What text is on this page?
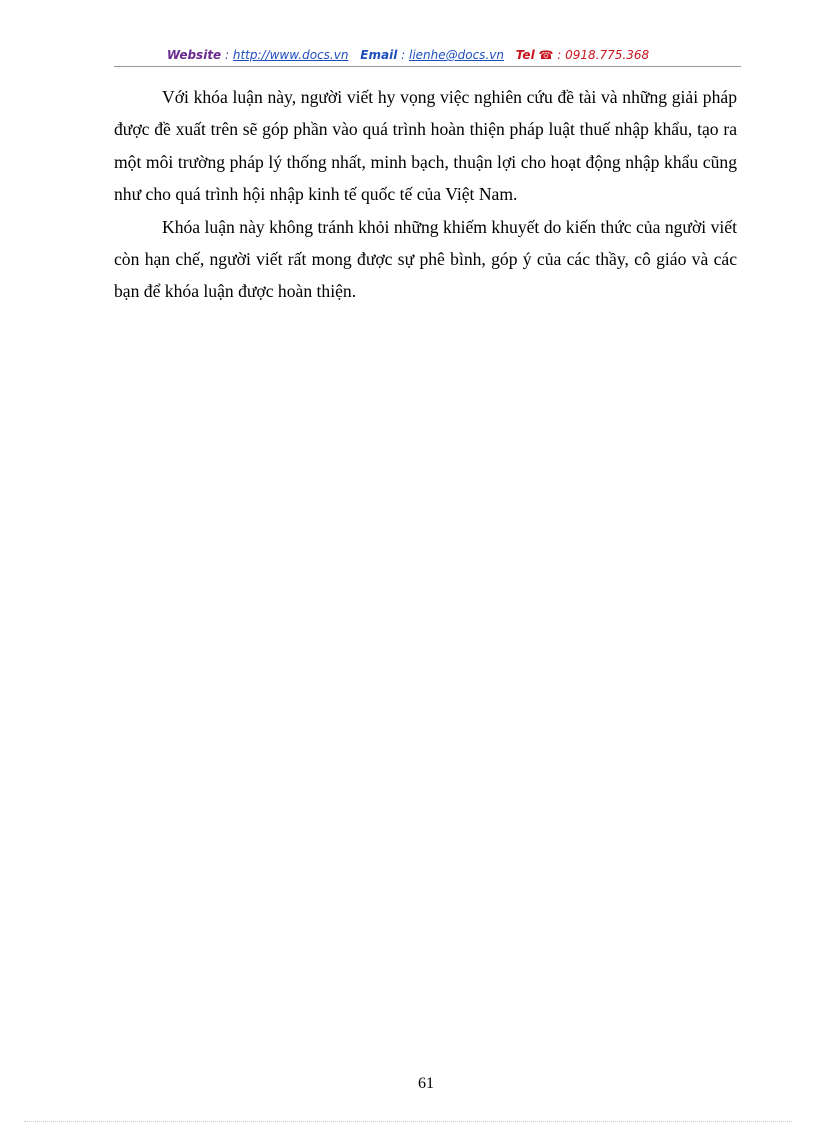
Website : http://www.docs.vn Email : lienhe@docs.vn Tel ☎ : 0918.775.368

Với khóa luận này, người viết hy vọng việc nghiên cứu đề tài và những giải pháp được đề xuất trên sẽ góp phần vào quá trình hoàn thiện pháp luật thuế nhập khẩu, tạo ra một môi trường pháp lý thống nhất, minh bạch, thuận lợi cho hoạt động nhập khẩu cũng như cho quá trình hội nhập kinh tế quốc tế của Việt Nam.

Khóa luận này không tránh khỏi những khiếm khuyết do kiến thức của người viết còn hạn chế, người viết rất mong được sự phê bình, góp ý của các thầy, cô giáo và các bạn để khóa luận được hoàn thiện.

61
